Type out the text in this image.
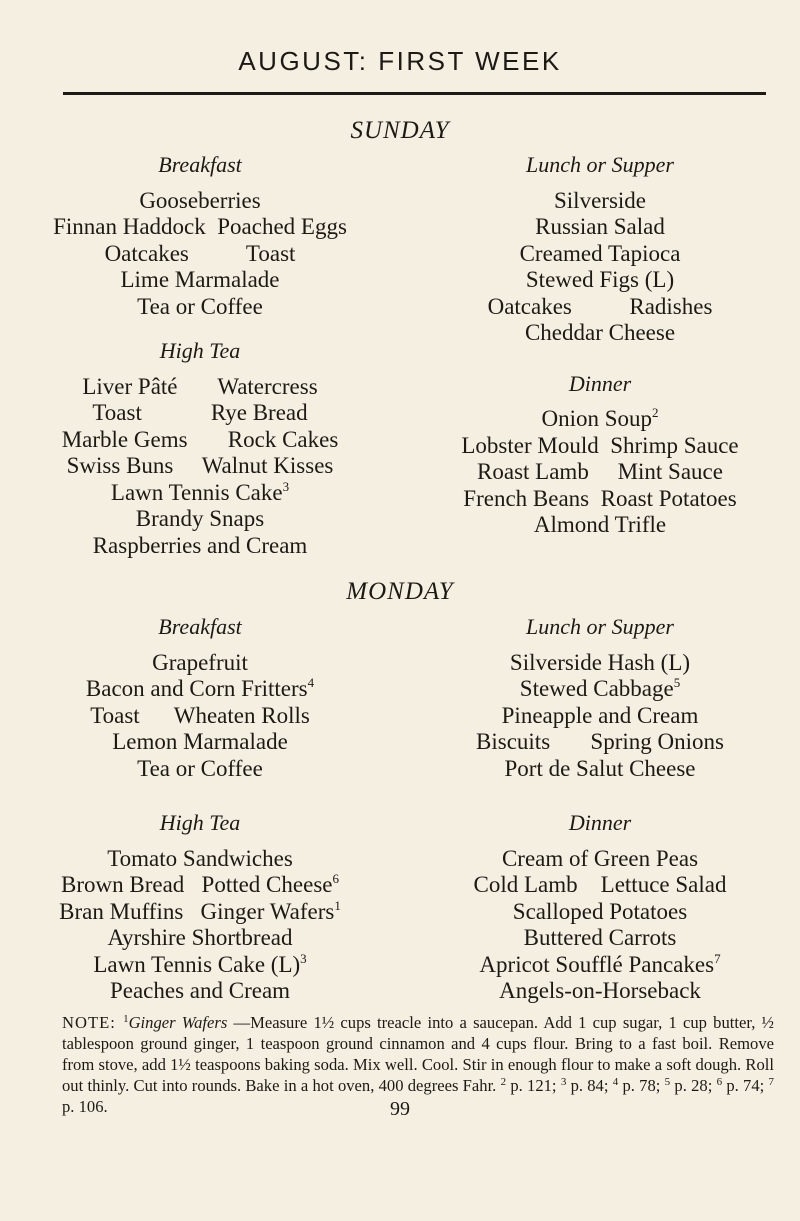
AUGUST: FIRST WEEK
SUNDAY
Breakfast
Gooseberries
Finnan Haddock  Poached Eggs
Oatcakes          Toast
Lime Marmalade
Tea or Coffee
High Tea
Liver Pâté       Watercress
Toast            Rye Bread
Marble Gems       Rock Cakes
Swiss Buns     Walnut Kisses
Lawn Tennis Cake$^3$
Brandy Snaps
Raspberries and Cream
Lunch or Supper
Silverside
Russian Salad
Creamed Tapioca
Stewed Figs (L)
Oatcakes          Radishes
Cheddar Cheese
Dinner
Onion Soup$^2$
Lobster Mould  Shrimp Sauce
Roast Lamb     Mint Sauce
French Beans  Roast Potatoes
Almond Trifle
MONDAY
Breakfast
Grapefruit
Bacon and Corn Fritters$^4$
Toast      Wheaten Rolls
Lemon Marmalade
Tea or Coffee
High Tea
Tomato Sandwiches
Brown Bread   Potted Cheese$^6$
Bran Muffins   Ginger Wafers$^1$
Ayrshire Shortbread
Lawn Tennis Cake $(L)^3$
Peaches and Cream
Lunch or Supper
Silverside Hash (L)
Stewed Cabbage$^5$
Pineapple and Cream
Biscuits       Spring Onions
Port de Salut Cheese
Dinner
Cream of Green Peas
Cold Lamb    Lettuce Salad
Scalloped Potatoes
Buttered Carrots
Apricot Soufflé Pancakes$^7$
Angels-on-Horseback
NOTE: $^1$Ginger Wafers —Measure 1½ cups treacle into a saucepan. Add 1 cup sugar, 1 cup butter, ½ tablespoon ground ginger, 1 teaspoon ground cinnamon and 4 cups flour. Bring to a fast boil. Remove from stove, add 1½ teaspoons baking soda. Mix well. Cool. Stir in enough flour to make a soft dough. Roll out thinly. Cut into rounds. Bake in a hot oven, 400 degrees Fahr. $^2$ p. 121; $^3$ p. 84; $^4$ p. 78; $^5$ p. 28; $^6$ p. 74; $^7$ p. 106.	99
